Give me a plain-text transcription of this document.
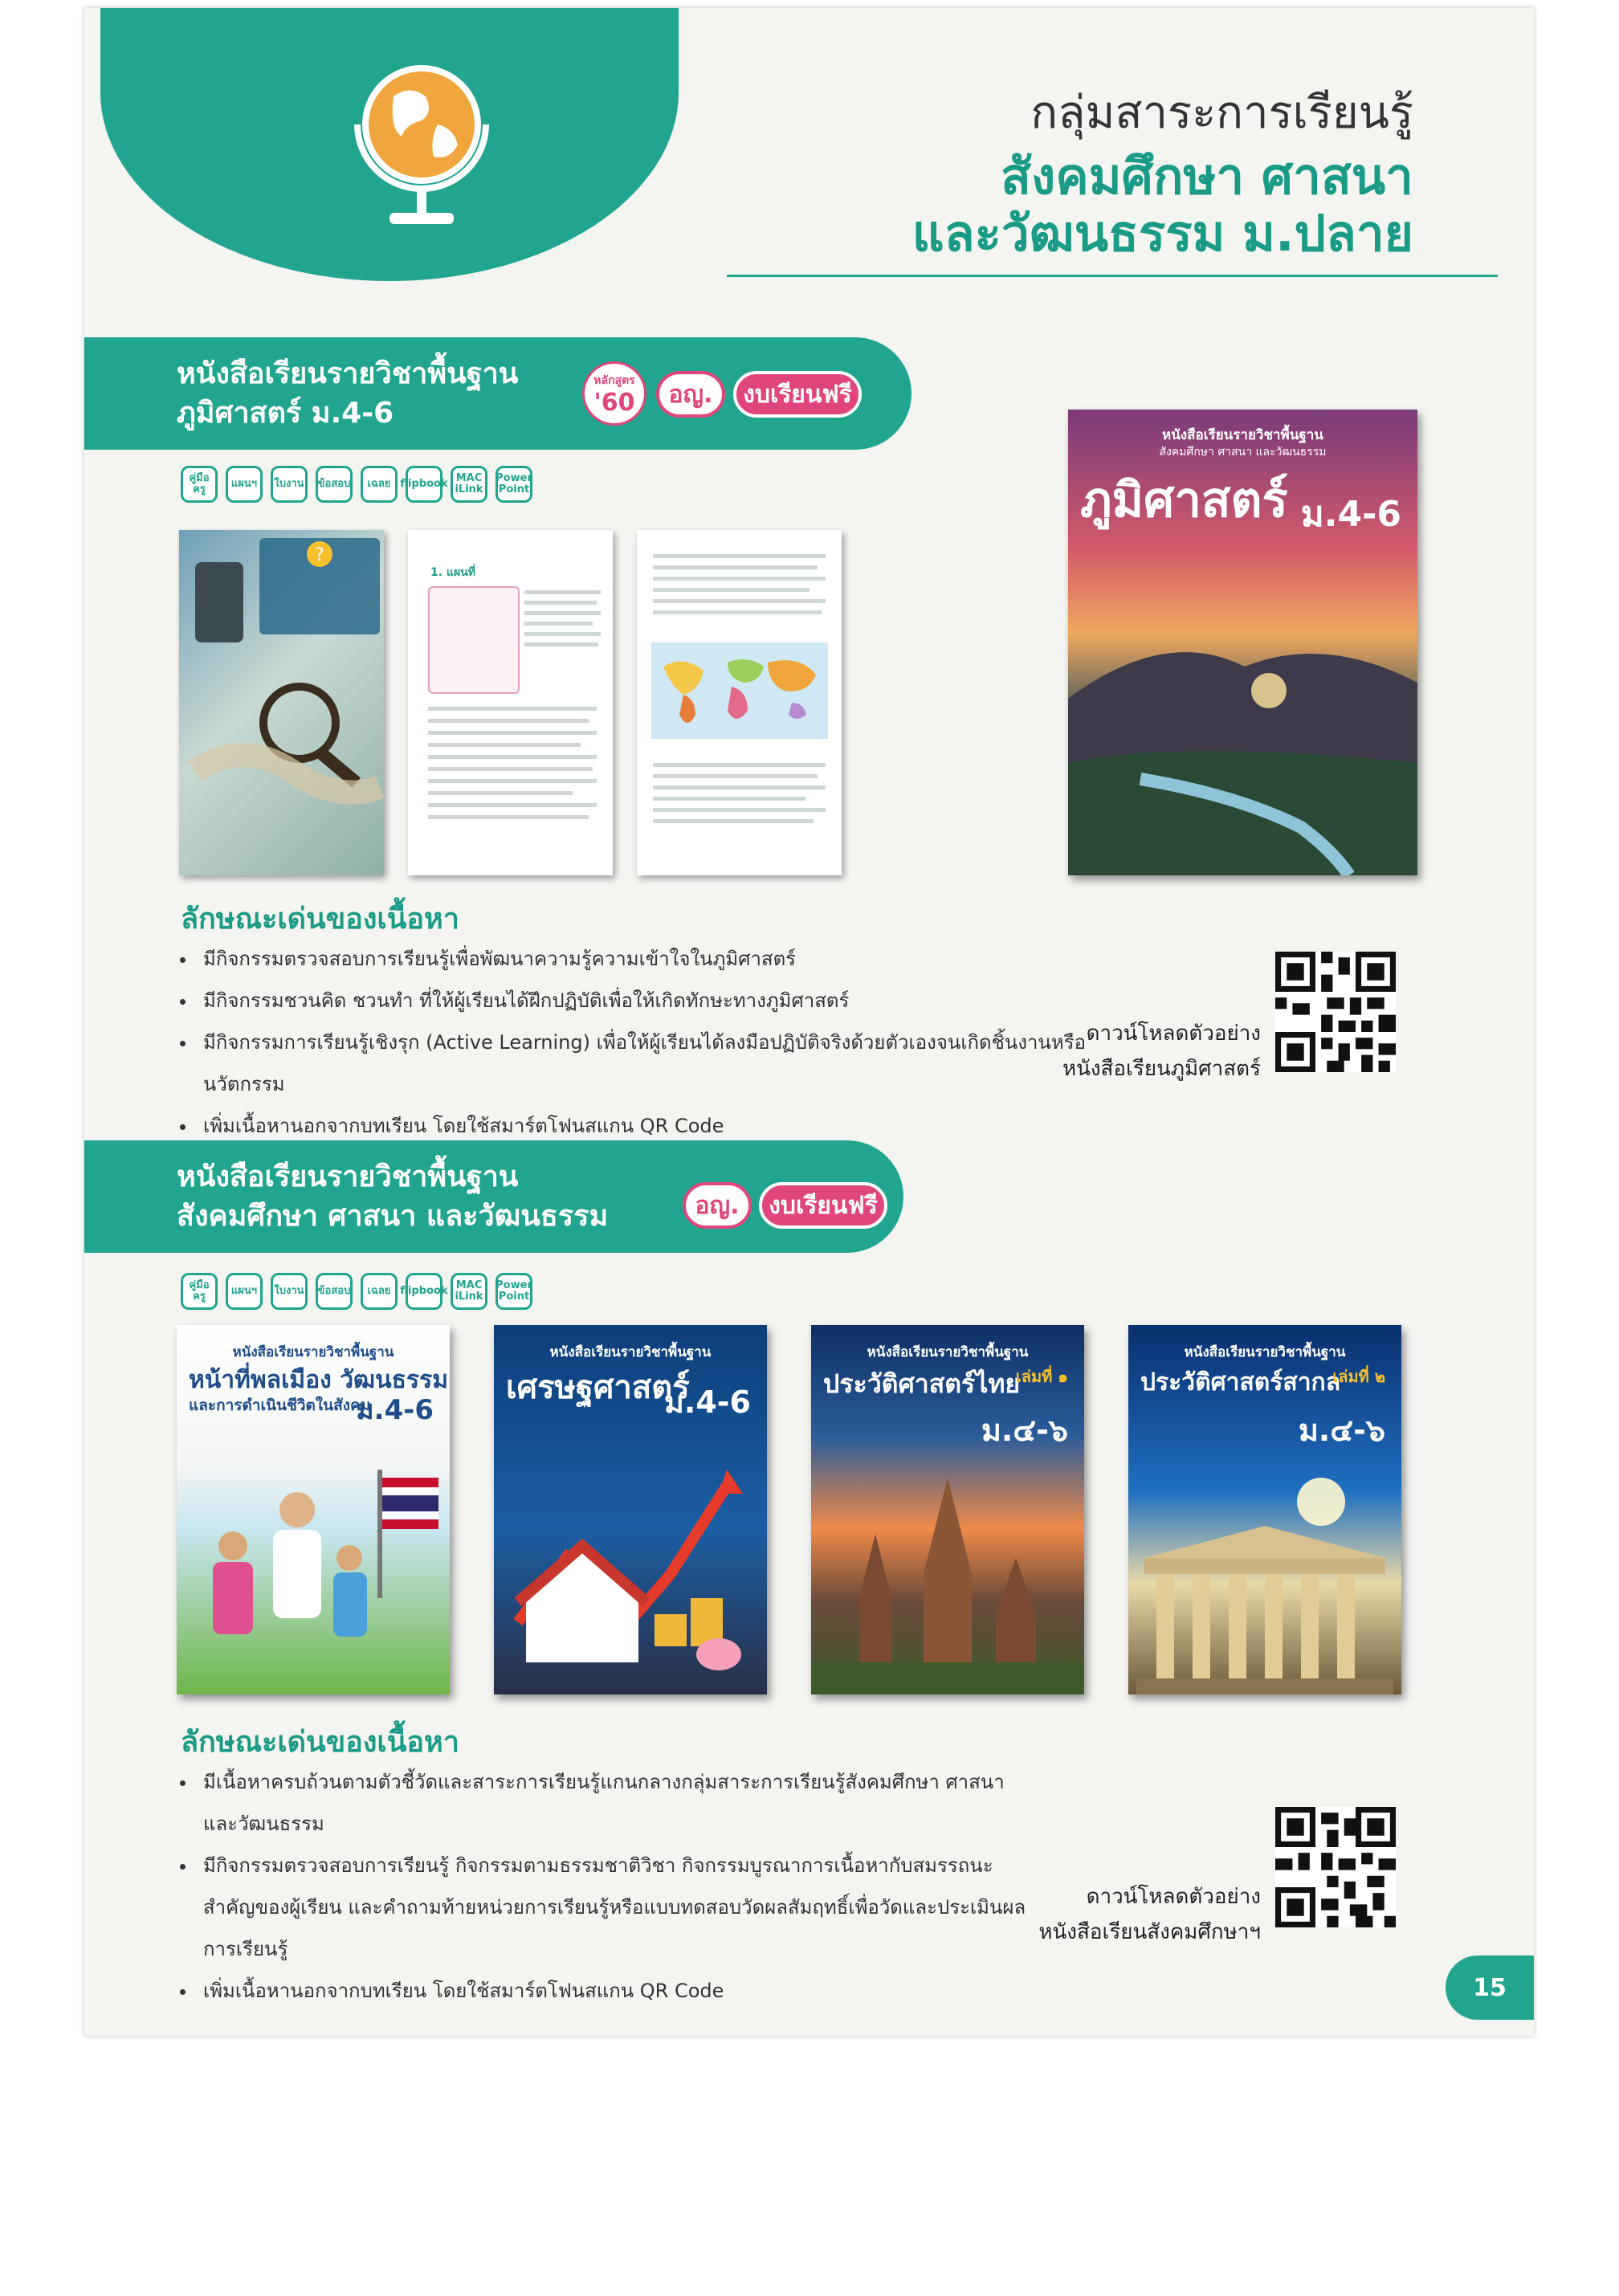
กลุ่มสาระการเรียนรู้
สังคมศึกษา ศาสนา
และวัฒนธรรม ม.ปลาย
หนังสือเรียนรายวิชาพื้นฐาน
ภูมิศาสตร์ ม.4-6
หลักสูตร
'60	อญ.	งบเรียนฟรี
คู่มือครู	แผนฯ	ใบงาน	ข้อสอบ	เฉลย flipbook MAC iLink
Power Point
?
1. แผนที่
หนังสือเรียนรายวิชาพื้นฐาน
สังคมศึกษา ศาสนา และวัฒนธรรม
ภูมิศาสตร์ ม.4-6
ลักษณะเด่นของเนื้อหา
• มีกิจกรรมตรวจสอบการเรียนรู้เพื่อพัฒนาความรู้ความเข้าใจในภูมิศาสตร์
• มีกิจกรรมชวนคิด ชวนทำ ที่ให้ผู้เรียนได้ฝึกปฏิบัติเพื่อให้เกิดทักษะทางภูมิศาสตร์
• มีกิจกรรมการเรียนรู้เชิงรุก (Active Learning) เพื่อให้ผู้เรียนได้ลงมือปฏิบัติจริงด้วยตัวเองจนเกิดชิ้นงานหรือนวัตกรรม
• เพิ่มเนื้อหานอกจากบทเรียน โดยใช้สมาร์ตโฟนสแกน QR Code
ดาวน์โหลดตัวอย่าง
หนังสือเรียนภูมิศาสตร์
หนังสือเรียนรายวิชาพื้นฐาน
สังคมศึกษา ศาสนา และวัฒนธรรม	อญ.	งบเรียนฟรี
คู่มือครู	แผนฯ	ใบงาน	ข้อสอบ	เฉลย flipbook MAC iLink
Power Point
หนังสือเรียนรายวิชาพื้นฐาน
หน้าที่พลเมือง วัฒนธรรม
และการดำเนินชีวิตในสังคม
ม.4-6
หนังสือเรียนรายวิชาพื้นฐาน
เศรษฐศาสตร์
ม.4-6
หนังสือเรียนรายวิชาพื้นฐาน
ประวัติศาสตร์ไทย
เล่มที่ ๑
ม.๔-๖
หนังสือเรียนรายวิชาพื้นฐาน
ประวัติศาสตร์สากล
เล่มที่ ๒
ม.๔-๖
ลักษณะเด่นของเนื้อหา
• มีเนื้อหาครบถ้วนตามตัวชี้วัดและสาระการเรียนรู้แกนกลางกลุ่มสาระการเรียนรู้สังคมศึกษา ศาสนา และวัฒนธรรม
• มีกิจกรรมตรวจสอบการเรียนรู้ กิจกรรมตามธรรมชาติวิชา กิจกรรมบูรณาการเนื้อหากับสมรรถนะสำคัญของผู้เรียน และคำถามท้ายหน่วยการเรียนรู้หรือแบบทดสอบวัดผลสัมฤทธิ์เพื่อวัดและประเมินผลการเรียนรู้
• เพิ่มเนื้อหานอกจากบทเรียน โดยใช้สมาร์ตโฟนสแกน QR Code
ดาวน์โหลดตัวอย่าง
หนังสือเรียนสังคมศึกษาฯ
15
